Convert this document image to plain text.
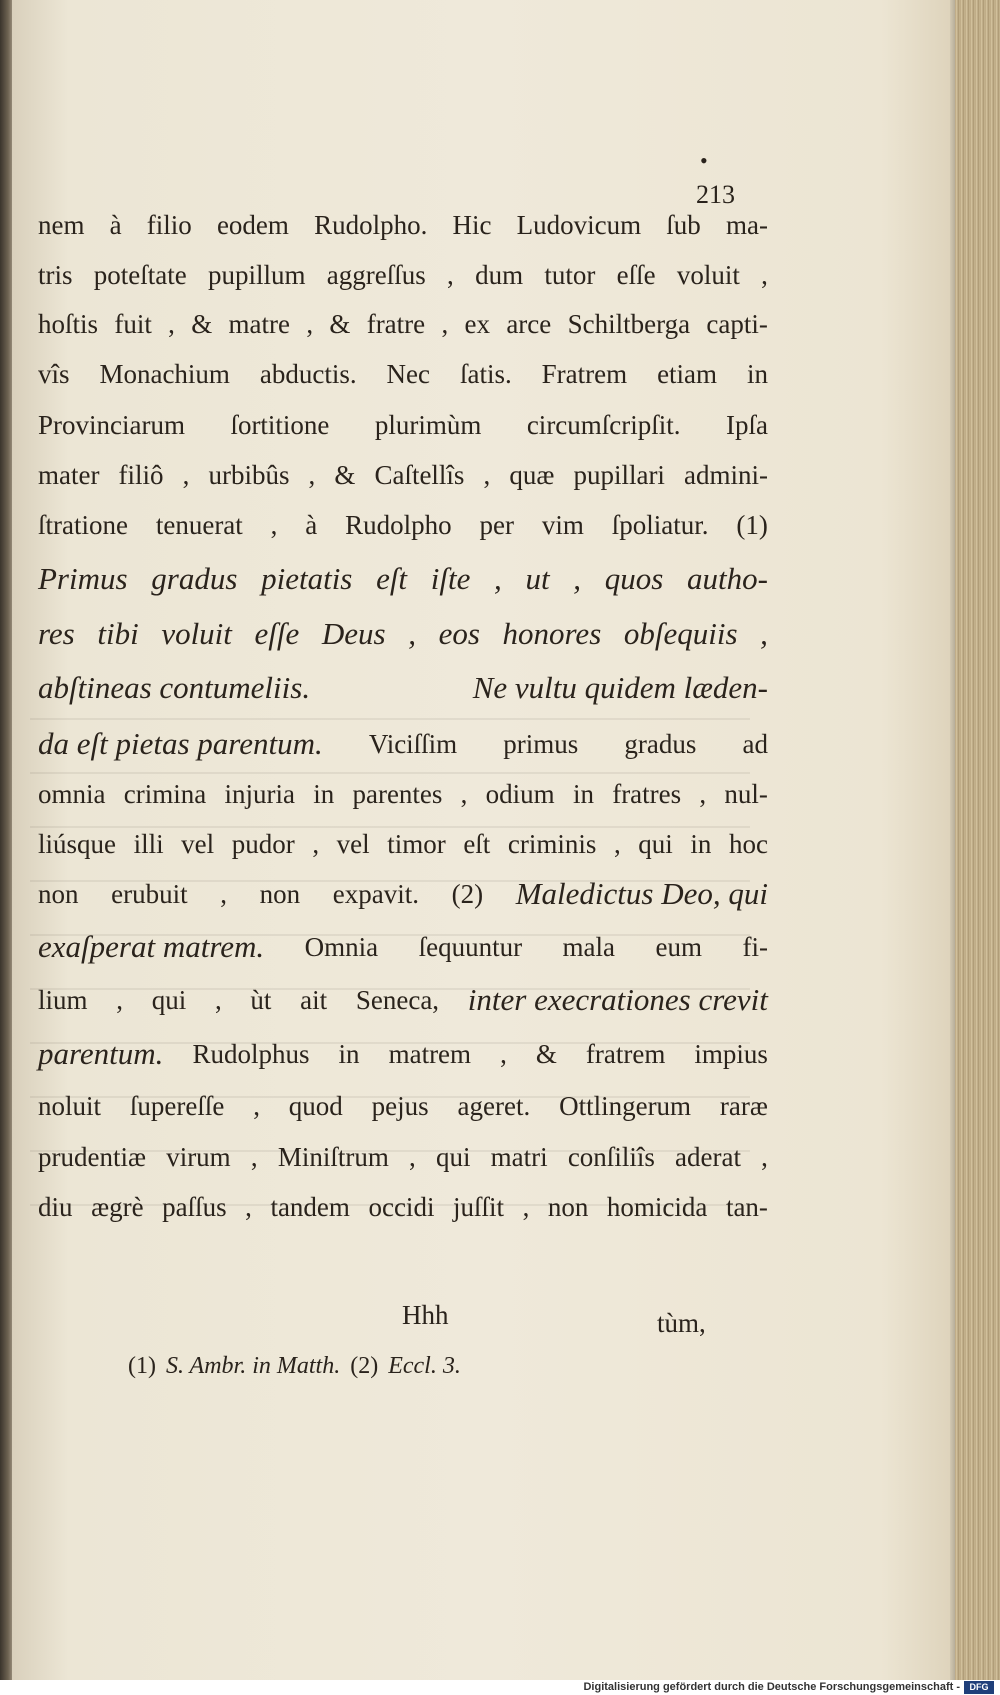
•
213
nem à filio eodem Rudolpho. Hic Ludovicum ſub ma-
tris poteſtate pupillum aggreſſus , dum tutor eſſe voluit ,
hoſtis fuit , & matre , & fratre , ex arce Schiltberga capti-
vîs Monachium abductis. Nec ſatis. Fratrem etiam in
Provinciarum ſortitione plurimùm circumſcripſit. Ipſa
mater filiô , urbibûs , & Caſtellîs , quæ pupillari admini-
ſtratione tenuerat , à Rudolpho per vim ſpoliatur. (1)
Primus gradus pietatis eſt iſte , ut , quos autho-
res tibi voluit eſſe Deus , eos honores obſequiis ,
abſtineas contumeliis.	Ne vultu quidem læden-
da eſt pietas parentum. Viciſſim primus gradus ad
omnia crimina injuria in parentes , odium in fratres , nul-
liúsque illi vel pudor , vel timor eſt criminis , qui in hoc
non erubuit , non expavit. (2) Maledictus Deo, qui
exaſperat matrem. Omnia ſequuntur mala eum fi-
lium , qui , ùt ait Seneca, inter execrationes crevit
parentum. Rudolphus in matrem , & fratrem impius
noluit ſupereſſe , quod pejus ageret. Ottlingerum raræ
prudentiæ virum , Miniſtrum , qui matri conſiliîs aderat ,
diu ægrè paſſus , tandem occidi juſſit , non homicida tan-
Hhh	tùm,
(1) S. Ambr. in Matth. (2) Eccl. 3.
Digitalisierung gefördert durch die Deutsche Forschungsgemeinschaft -	DFG
